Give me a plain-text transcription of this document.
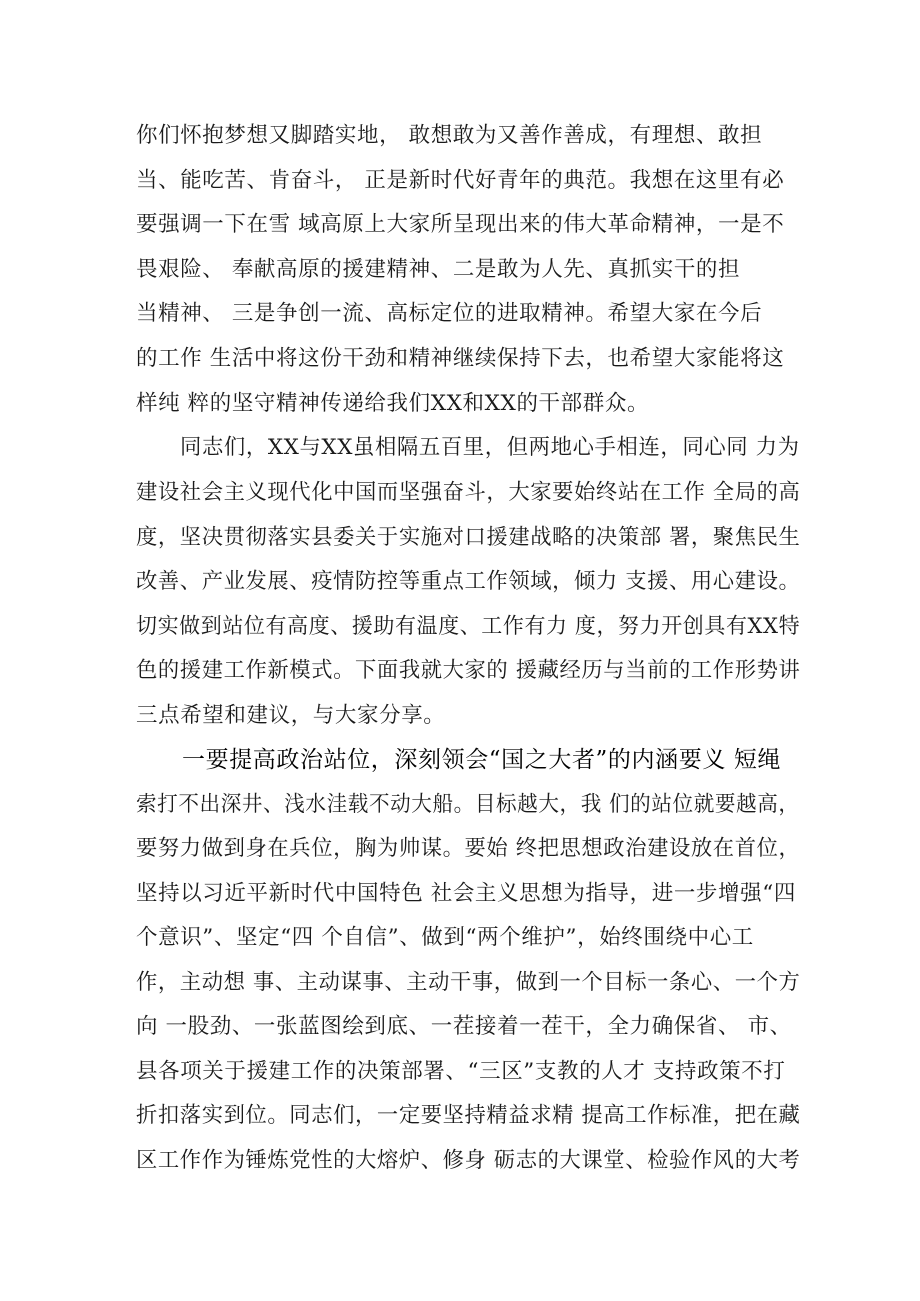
你们怀抱梦想又脚踏实地， 敢想敢为又善作善成，有理想、敢担
当、能吃苦、肯奋斗， 正是新时代好青年的典范。我想在这里有必
要强调一下在雪 域高原上大家所呈现出来的伟大革命精神，一是不
畏艰险、 奉献高原的援建精神、二是敢为人先、真抓实干的担
当精神、 三是争创一流、高标定位的进取精神。希望大家在今后
的工作 生活中将这份干劲和精神继续保持下去，也希望大家能将这
样纯 粹的坚守精神传递给我们XX和XX的干部群众。
同志们，XX与XX虽相隔五百里，但两地心手相连，同心同 力为
建设社会主义现代化中国而坚强奋斗，大家要始终站在工作 全局的高
度，坚决贯彻落实县委关于实施对口援建战略的决策部 署，聚焦民生
改善、产业发展、疫情防控等重点工作领域，倾力 支援、用心建设。
切实做到站位有高度、援助有温度、工作有力 度，努力开创具有XX特
色的援建工作新模式。下面我就大家的 援藏经历与当前的工作形势讲
三点希望和建议，与大家分享。
一要提高政治站位，深刻领会“国之大者”的内涵要义 短绳
索打不出深井、浅水洼载不动大船。目标越大，我 们的站位就要越高，
要努力做到身在兵位，胸为帅谋。要始 终把思想政治建设放在首位，
坚持以习近平新时代中国特色 社会主义思想为指导，进一步增强“四
个意识”、坚定“四 个自信”、做到“两个维护”，始终围绕中心工
作，主动想 事、主动谋事、主动干事，做到一个目标一条心、一个方
向 一股劲、一张蓝图绘到底、一茬接着一茬干，全力确保省、 市、
县各项关于援建工作的决策部署、“三区”支教的人才 支持政策不打
折扣落实到位。同志们，一定要坚持精益求精 提高工作标准，把在藏
区工作作为锤炼党性的大熔炉、修身 砺志的大课堂、检验作风的大考
